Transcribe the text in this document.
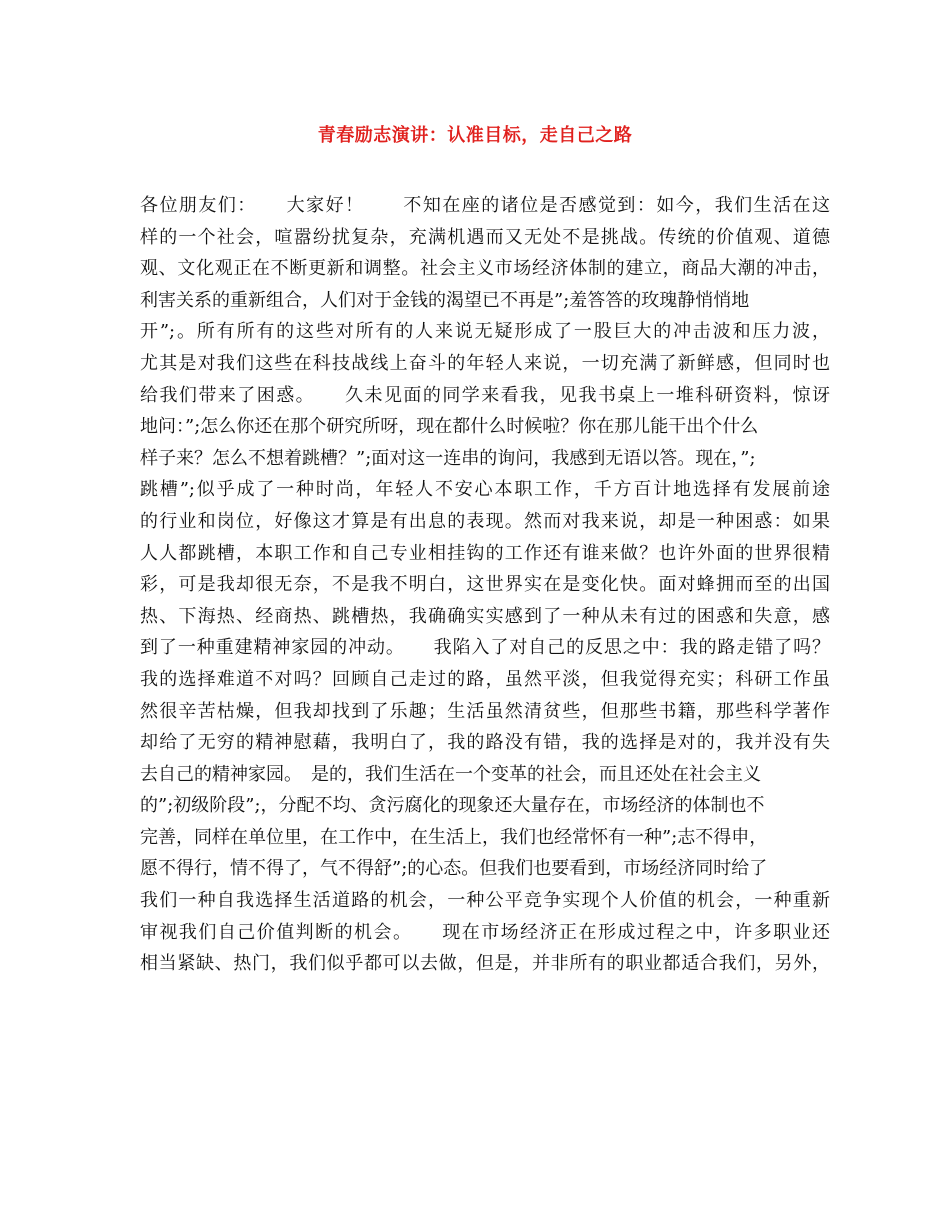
青春励志演讲：认准目标，走自己之路
各位朋友们：　　大家好！　　不知在座的诸位是否感觉到：如今，我们生活在这
样的一个社会，喧嚣纷扰复杂，充满机遇而又无处不是挑战。传统的价值观、道德
观、文化观正在不断更新和调整。社会主义市场经济体制的建立，商品大潮的冲击，
利害关系的重新组合，人们对于金钱的渴望已不再是”;羞答答的玫瑰静悄悄地
开”;。所有所有的这些对所有的人来说无疑形成了一股巨大的冲击波和压力波，
尤其是对我们这些在科技战线上奋斗的年轻人来说，一切充满了新鲜感，但同时也
给我们带来了困惑。　　久未见面的同学来看我，见我书桌上一堆科研资料，惊讶
地问：”;怎么你还在那个研究所呀，现在都什么时候啦？你在那儿能干出个什么
样子来？怎么不想着跳槽？”;面对这一连串的询问，我感到无语以答。现在，”;
跳槽”;似乎成了一种时尚，年轻人不安心本职工作，千方百计地选择有发展前途
的行业和岗位，好像这才算是有出息的表现。然而对我来说，却是一种困惑：如果
人人都跳槽，本职工作和自己专业相挂钩的工作还有谁来做？也许外面的世界很精
彩，可是我却很无奈，不是我不明白，这世界实在是变化快。面对蜂拥而至的出国
热、下海热、经商热、跳槽热，我确确实实感到了一种从未有过的困惑和失意，感
到了一种重建精神家园的冲动。　　我陷入了对自己的反思之中：我的路走错了吗？
我的选择难道不对吗？回顾自己走过的路，虽然平淡，但我觉得充实；科研工作虽
然很辛苦枯燥，但我却找到了乐趣；生活虽然清贫些，但那些书籍，那些科学著作
却给了无穷的精神慰藉，我明白了，我的路没有错，我的选择是对的，我并没有失
去自己的精神家园。　是的，我们生活在一个变革的社会，而且还处在社会主义
的”;初级阶段”;，分配不均、贪污腐化的现象还大量存在，市场经济的体制也不
完善，同样在单位里，在工作中，在生活上，我们也经常怀有一种”;志不得申，
愿不得行，情不得了，气不得舒”;的心态。但我们也要看到，市场经济同时给了
我们一种自我选择生活道路的机会，一种公平竞争实现个人价值的机会，一种重新
审视我们自己价值判断的机会。　　现在市场经济正在形成过程之中，许多职业还
相当紧缺、热门，我们似乎都可以去做，但是，并非所有的职业都适合我们，另外，
